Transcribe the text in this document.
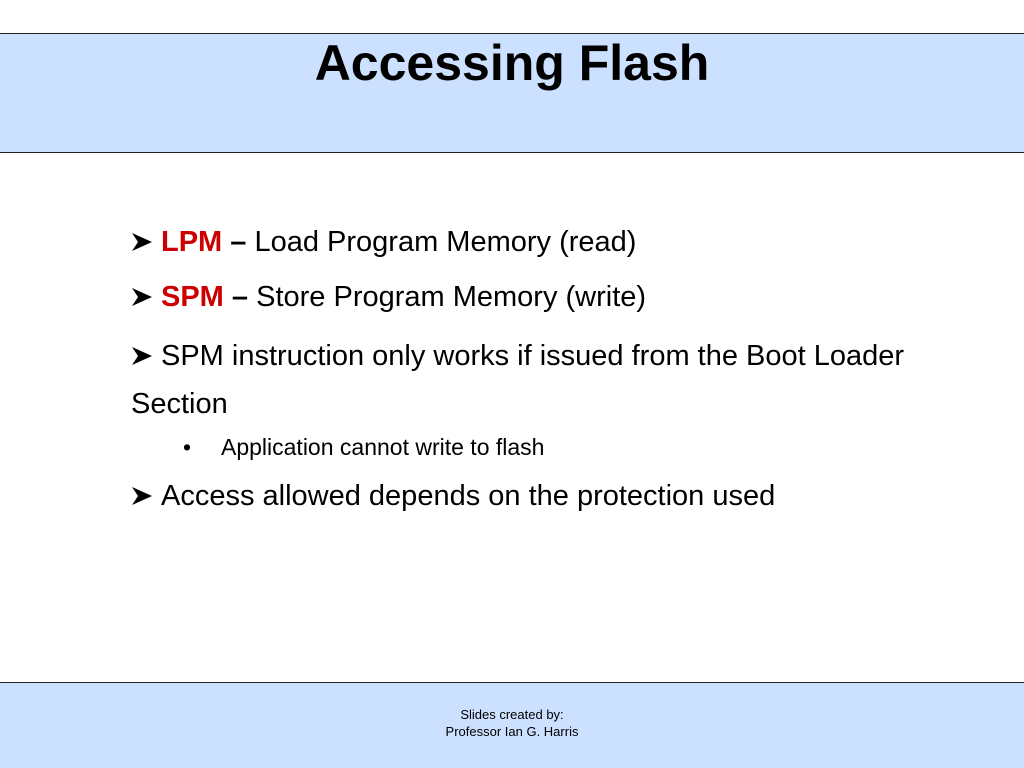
Accessing Flash
LPM – Load Program Memory (read)
SPM – Store Program Memory (write)
SPM instruction only works if issued from the Boot Loader Section
• Application cannot write to flash
Access allowed depends on the protection used
Slides created by:
Professor Ian G. Harris
